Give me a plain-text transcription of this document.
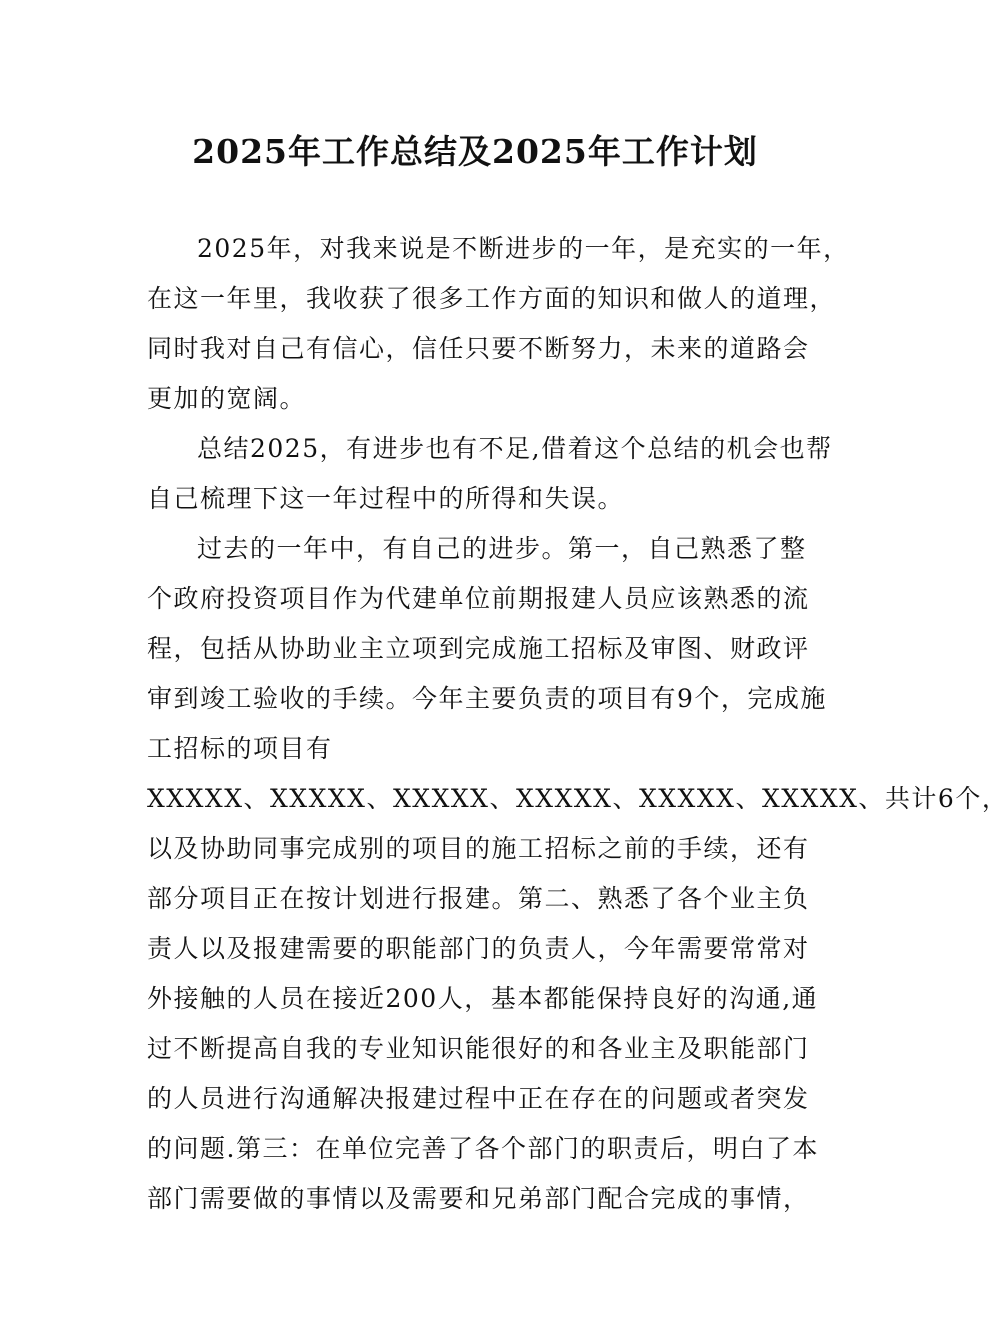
2025年工作总结及2025年工作计划
2025年，对我来说是不断进步的一年，是充实的一年，
在这一年里，我收获了很多工作方面的知识和做人的道理，
同时我对自己有信心，信任只要不断努力，未来的道路会
更加的宽阔。
总结2025，有进步也有不足,借着这个总结的机会也帮
自己梳理下这一年过程中的所得和失误。
过去的一年中，有自己的进步。第一，自己熟悉了整
个政府投资项目作为代建单位前期报建人员应该熟悉的流
程，包括从协助业主立项到完成施工招标及审图、财政评
审到竣工验收的手续。今年主要负责的项目有9个，完成施
工招标的项目有
XXXXX、XXXXX、XXXXX、XXXXX、XXXXX、XXXXX、共计6个，
以及协助同事完成别的项目的施工招标之前的手续，还有
部分项目正在按计划进行报建。第二、熟悉了各个业主负
责人以及报建需要的职能部门的负责人，今年需要常常对
外接触的人员在接近200人，基本都能保持良好的沟通,通
过不断提高自我的专业知识能很好的和各业主及职能部门
的人员进行沟通解决报建过程中正在存在的问题或者突发
的问题.第三：在单位完善了各个部门的职责后，明白了本
部门需要做的事情以及需要和兄弟部门配合完成的事情，
